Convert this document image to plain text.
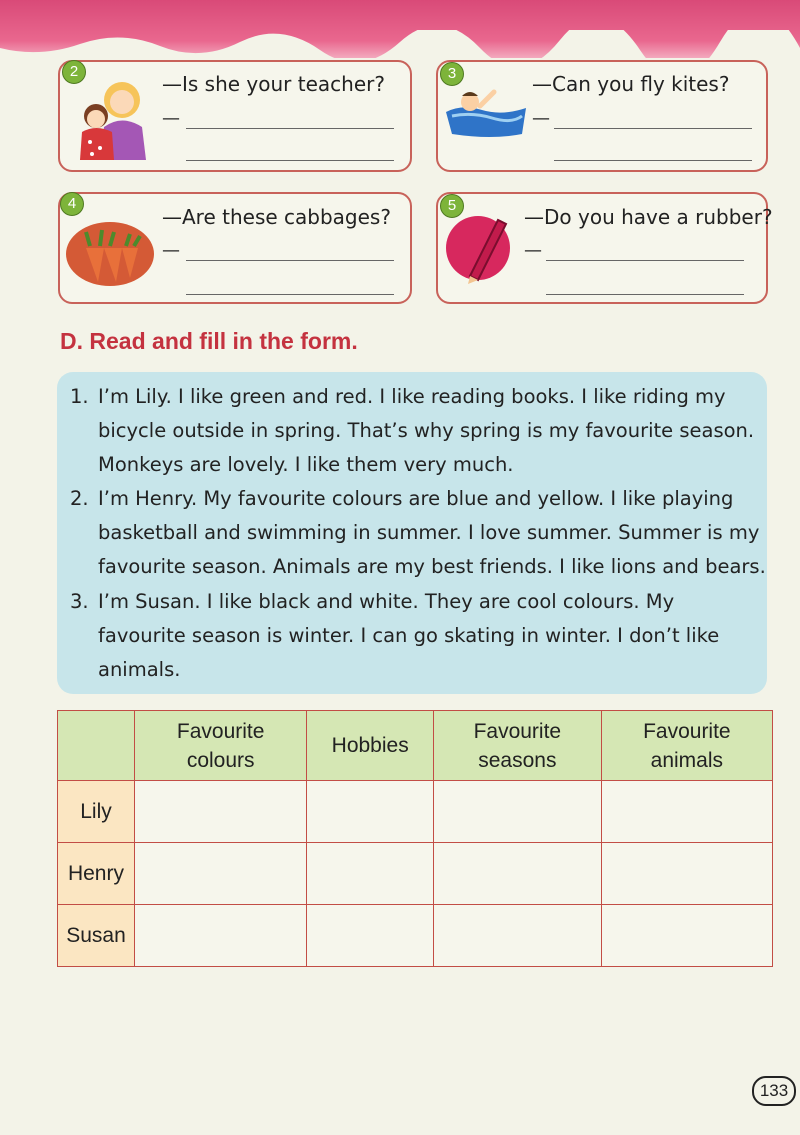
2
—Is she your teacher?
—
3	—Can you fly kites?
—
4
—Are these cabbages?
—
5	—Do you have a rubber?
—
D. Read and fill in the form.
1. I’m Lily. I like green and red. I like reading books. I like riding my
bicycle outside in spring. That’s why spring is my favourite season.
Monkeys are lovely. I like them very much.
2. I’m Henry. My favourite colours are blue and yellow. I like playing
basketball and swimming in summer. I love summer. Summer is my
favourite season. Animals are my best friends. I like lions and bears.
3. I’m Susan. I like black and white. They are cool colours. My
favourite season is winter. I can go skating in winter. I don’t like
animals.
	Favourite colours	Hobbies	Favourite seasons	Favourite animals
Lily				
Henry				
Susan				
133
